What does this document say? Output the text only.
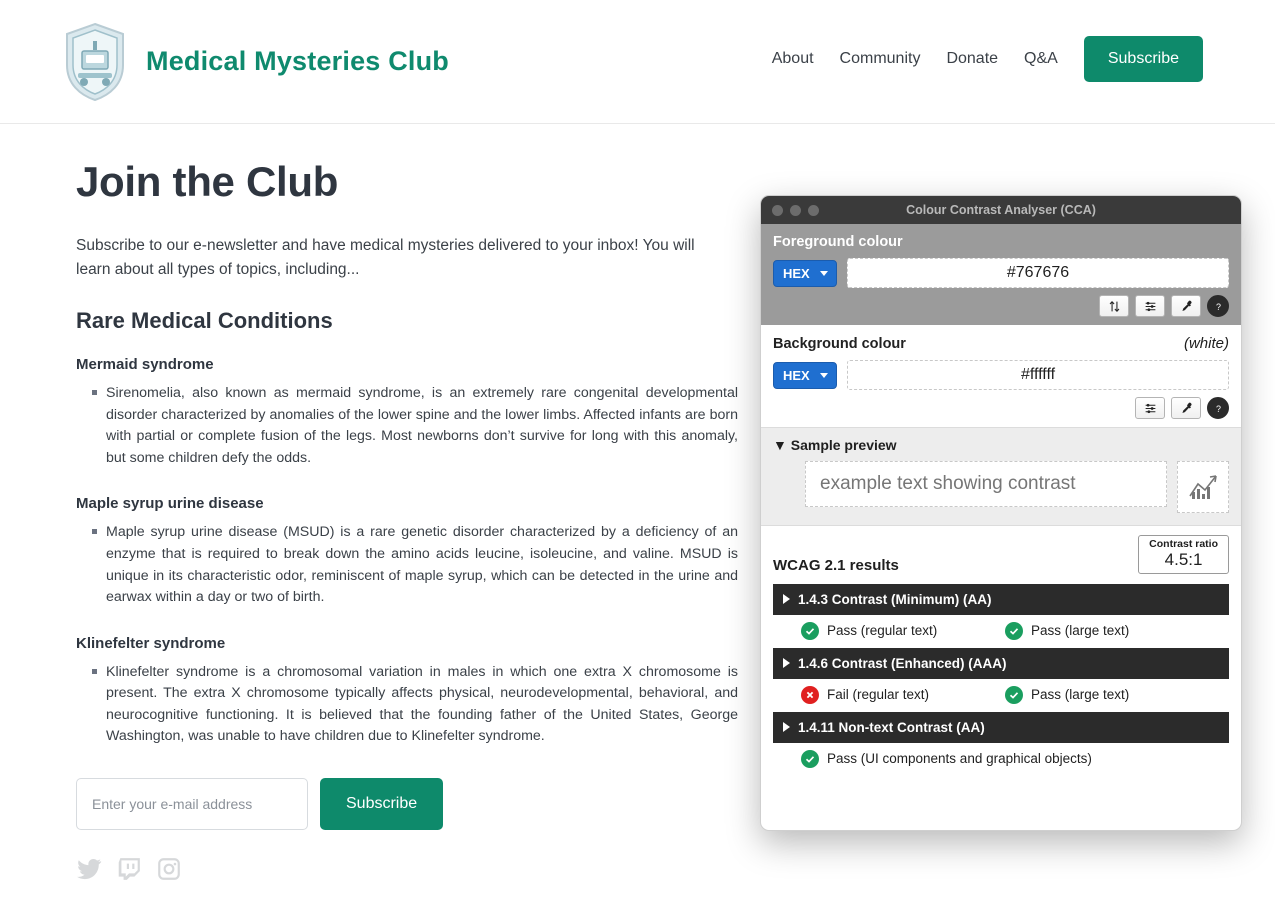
Medical Mysteries Club	About Community Donate Q&A	Subscribe
Join the Club

Subscribe to our e-newsletter and have medical mysteries delivered to your inbox! You will learn about all types of topics, including...

Rare Medical Conditions
Mermaid syndrome
Sirenomelia, also known as mermaid syndrome, is an extremely rare congenital developmental disorder characterized by anomalies of the lower spine and the lower limbs. Affected infants are born with partial or complete fusion of the legs. Most newborns don’t survive for long with this anomaly, but some children defy the odds.
Maple syrup urine disease
Maple syrup urine disease (MSUD) is a rare genetic disorder characterized by a deficiency of an enzyme that is required to break down the amino acids leucine, isoleucine, and valine. MSUD is unique in its characteristic odor, reminiscent of maple syrup, which can be detected in the urine and earwax within a day or two of birth.
Klinefelter syndrome
Klinefelter syndrome is a chromosomal variation in males in which one extra X chromosome is present. The extra X chromosome typically affects physical, neurodevelopmental, behavioral, and neurocognitive functioning. It is believed that the founding father of the United States, George Washington, was unable to have children due to Klinefelter syndrome.
Enter your e-mail address
Subscribe
Colour Contrast Analyser (CCA)
Foreground colour
HEX
#767676
?
Background colour	(white)
HEX
#ffffff
?
▼ Sample preview
example text showing contrast
WCAG 2.1 results
Contrast ratio
4.5:1
1.4.3 Contrast (Minimum) (AA)
Pass (regular text)	Pass (large text)
1.4.6 Contrast (Enhanced) (AAA)
Fail (regular text)	Pass (large text)
1.4.11 Non-text Contrast (AA)
Pass (UI components and graphical objects)
